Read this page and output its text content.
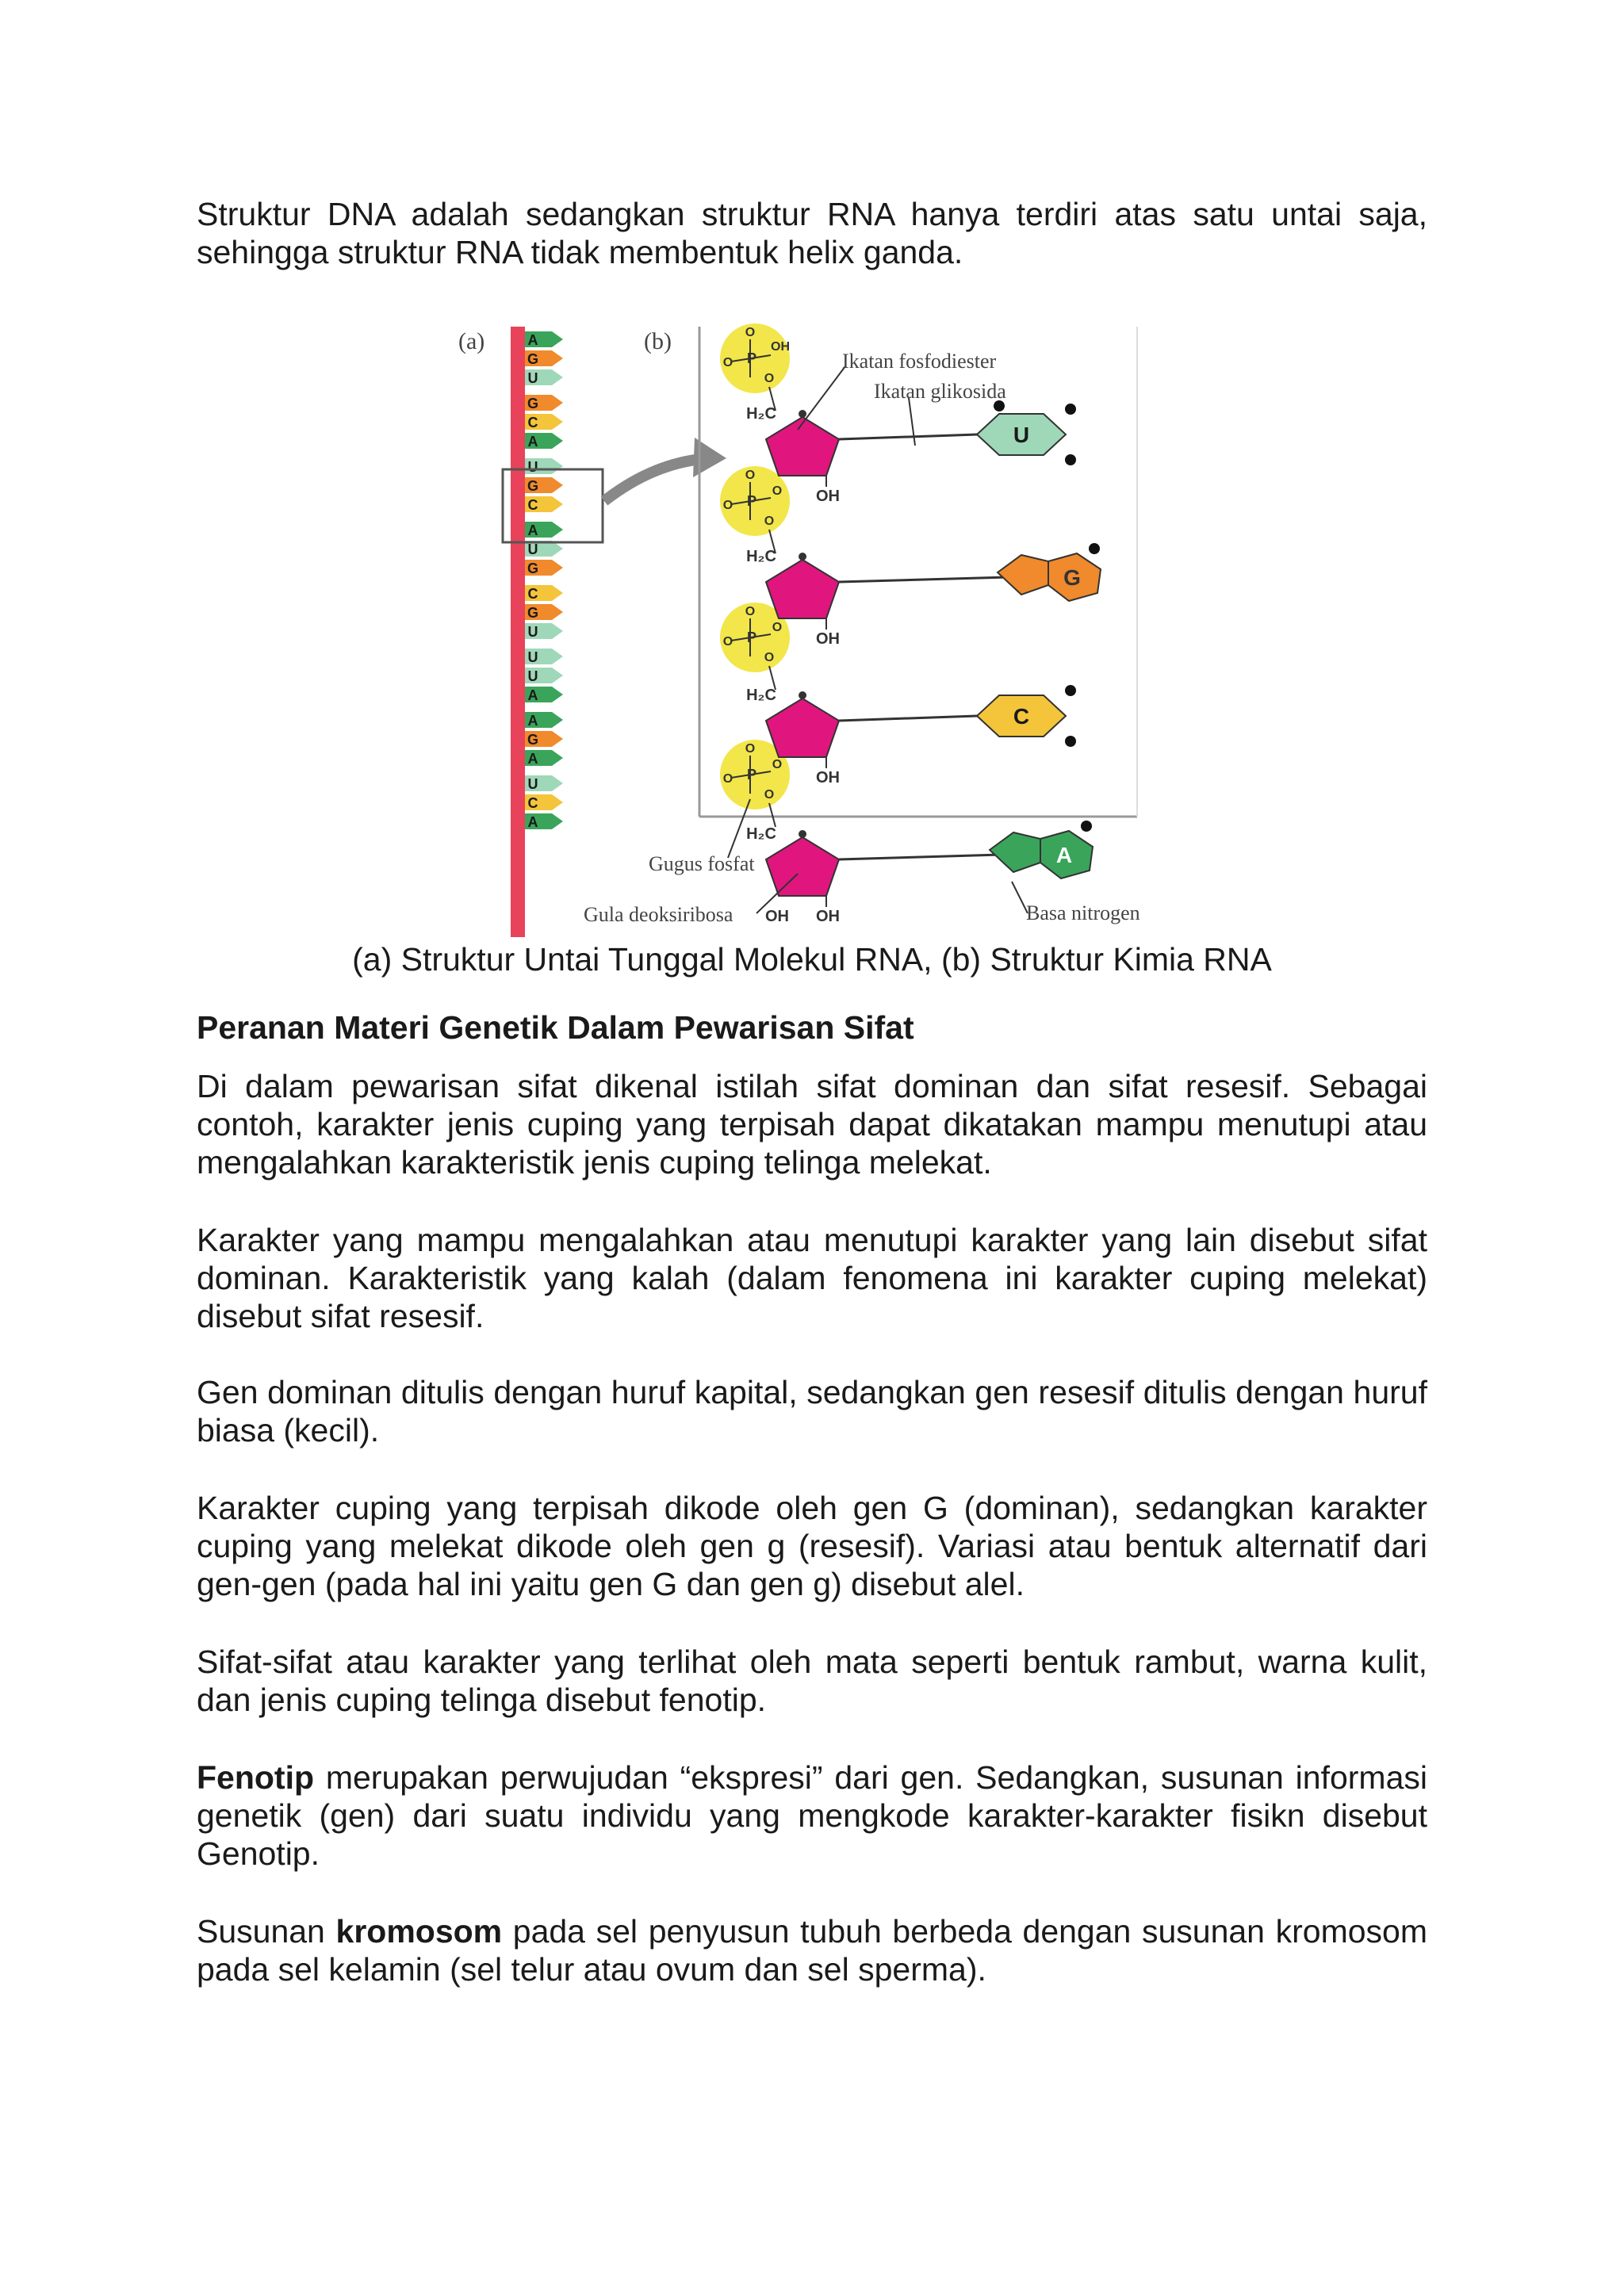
Struktur DNA adalah sedangkan struktur RNA hanya terdiri atas satu untai saja, sehingga struktur RNA tidak membentuk helix ganda.
(a)	(b)
A
G
U
G
C
A
U
G
C
A
U
G
C
G
U
U
U
A
A
G
A
U
C
A
P
O
O
O
O
P
O
O
O
O
P
O
O
O
O
P
O
O
O
OH
H₂C
OH
U
H₂C
OH
G
H₂C
OH
C
H₂C
OH
OH
A
Ikatan fosfodiester
Ikatan glikosida
Gugus fosfat
Gula deoksiribosa	Basa nitrogen
(a) Struktur Untai Tunggal Molekul RNA, (b) Struktur Kimia RNA
Peranan Materi Genetik Dalam Pewarisan Sifat
Di dalam pewarisan sifat dikenal istilah sifat dominan dan sifat resesif. Sebagai contoh, karakter jenis cuping yang terpisah dapat dikatakan mampu menutupi atau mengalahkan karakteristik jenis cuping telinga melekat.
Karakter yang mampu mengalahkan atau menutupi karakter yang lain disebut sifat dominan. Karakteristik yang kalah (dalam fenomena ini karakter cuping melekat) disebut sifat resesif.
Gen dominan ditulis dengan huruf kapital, sedangkan gen resesif ditulis dengan huruf biasa (kecil).
Karakter cuping yang terpisah dikode oleh gen G (dominan), sedangkan karakter cuping yang melekat dikode oleh gen g (resesif). Variasi atau bentuk alternatif dari gen-gen (pada hal ini yaitu gen G dan gen g) disebut alel.
Sifat-sifat atau karakter yang terlihat oleh mata seperti bentuk rambut, warna kulit, dan jenis cuping telinga disebut fenotip.
Fenotip merupakan perwujudan “ekspresi” dari gen. Sedangkan, susunan informasi genetik (gen) dari suatu individu yang mengkode karakter-karakter fisikn disebut Genotip.
Susunan kromosom pada sel penyusun tubuh berbeda dengan susunan kromosom pada sel kelamin (sel telur atau ovum dan sel sperma).
